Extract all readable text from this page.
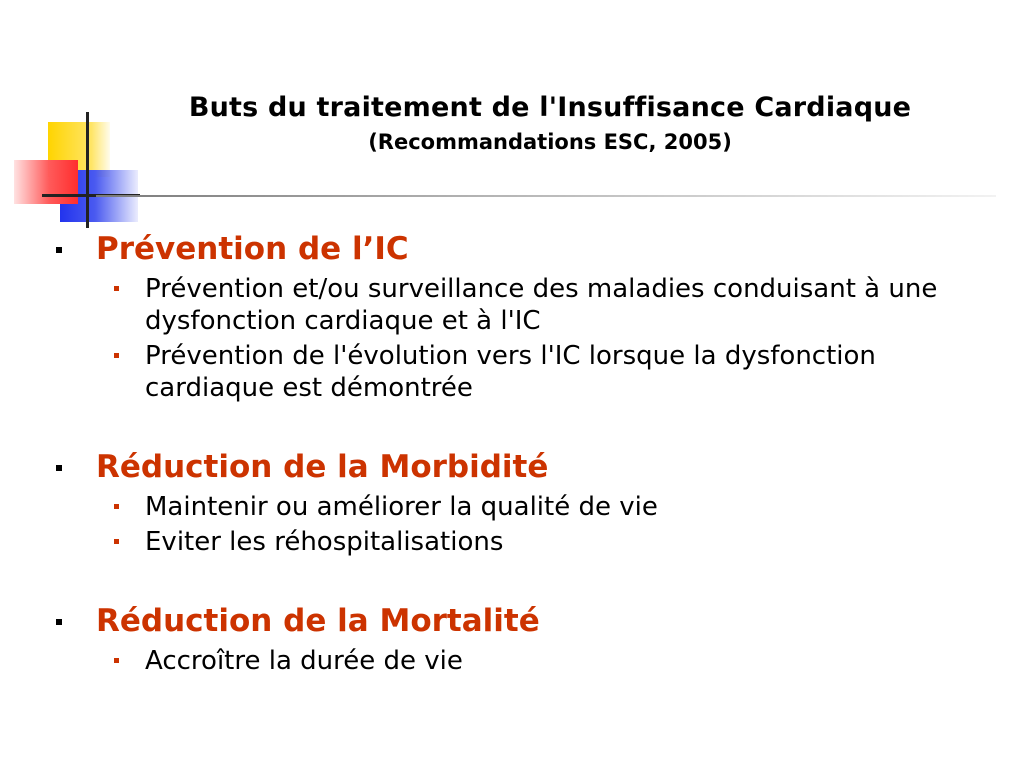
Buts du traitement de l'Insuffisance Cardiaque
(Recommandations ESC, 2005)
Prévention de l’IC
Prévention et/ou surveillance des maladies conduisant à une dysfonction cardiaque et à l'IC
Prévention de l'évolution vers l'IC lorsque la dysfonction cardiaque est démontrée
Réduction de la Morbidité
Maintenir ou améliorer la qualité de vie
Eviter les réhospitalisations
Réduction de la Mortalité
Accroître la durée de vie
